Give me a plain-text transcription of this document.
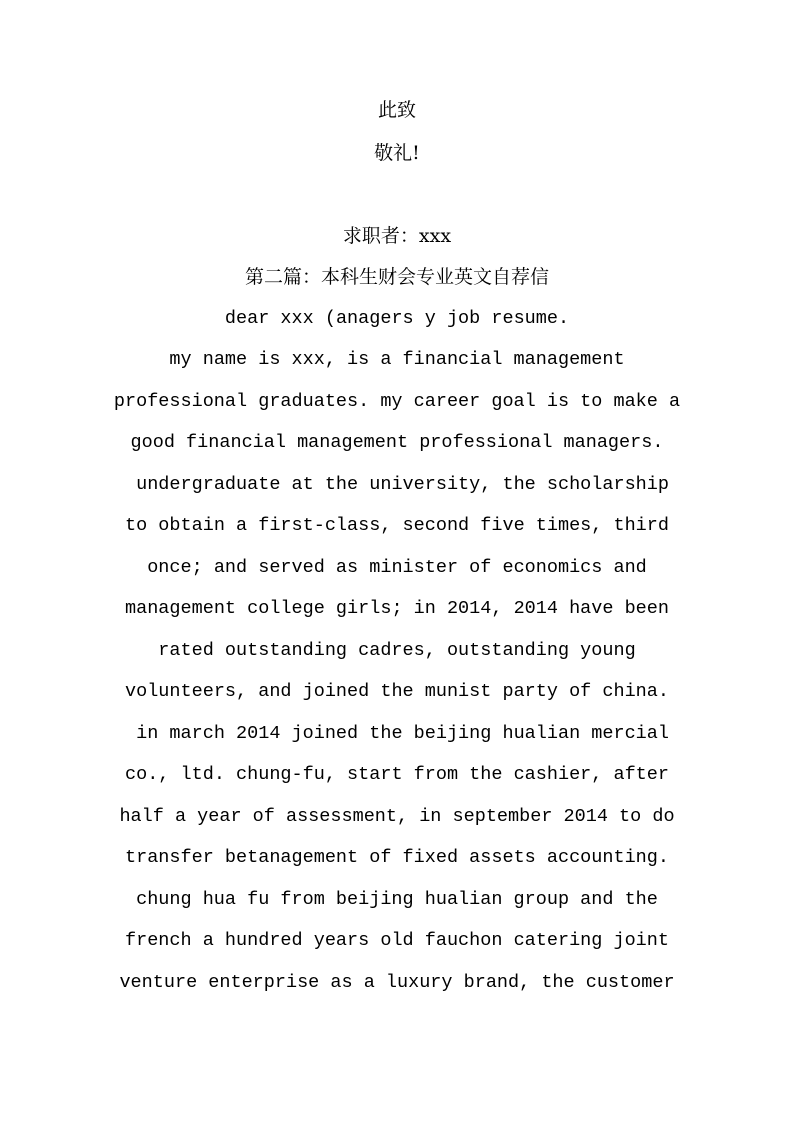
此致
敬礼!
求职者：xxx
第二篇：本科生财会专业英文自荐信
dear xxx (anagers y job resume.
my name is xxx, is a financial management
professional graduates. my career goal is to make a
good financial management professional managers.
undergraduate at the university, the scholarship
to obtain a first-class, second five times, third
once; and served as minister of economics and
management college girls; in 2014, 2014 have been
rated outstanding cadres, outstanding young
volunteers, and joined the munist party of china.
in march 2014 joined the beijing hualian mercial
co., ltd. chung-fu, start from the cashier, after
half a year of assessment, in september 2014 to do
transfer betanagement of fixed assets accounting.
chung hua fu from beijing hualian group and the
french a hundred years old fauchon catering joint
venture enterprise as a luxury brand, the customer
